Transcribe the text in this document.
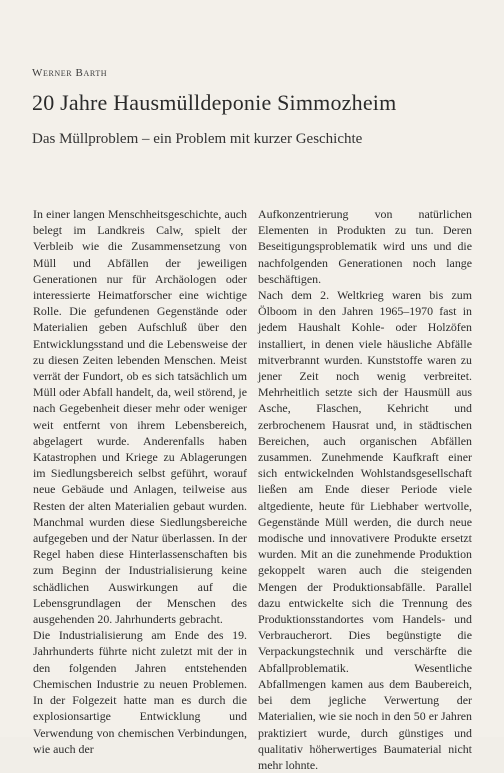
Werner Barth
20 Jahre Hausmülldeponie Simmozheim
Das Müllproblem – ein Problem mit kurzer Geschichte

In einer langen Menschheitsgeschichte, auch belegt im Landkreis Calw, spielt der Verbleib wie die Zusammensetzung von Müll und Abfällen der jeweiligen Generationen nur für Archäologen oder interessierte Heimatforscher eine wichtige Rolle. Die gefundenen Gegenstände oder Materialien geben Aufschluß über den Entwicklungsstand und die Lebensweise der zu diesen Zeiten lebenden Menschen. Meist verrät der Fundort, ob es sich tatsächlich um Müll oder Abfall handelt, da, weil störend, je nach Gegebenheit dieser mehr oder weniger weit entfernt von ihrem Lebensbereich, abgelagert wurde. Anderenfalls haben Katastrophen und Kriege zu Ablagerungen im Siedlungsbereich selbst geführt, worauf neue Gebäude und Anlagen, teilweise aus Resten der alten Materialien gebaut wurden. Manchmal wurden diese Siedlungsbereiche aufgegeben und der Natur überlassen. In der Regel haben diese Hinterlassenschaften bis zum Beginn der Industrialisierung keine schädlichen Auswirkungen auf die Lebensgrundlagen der Menschen des ausgehenden 20. Jahrhunderts gebracht.

Die Industrialisierung am Ende des 19. Jahrhunderts führte nicht zuletzt mit der in den folgenden Jahren entstehenden Chemischen Industrie zu neuen Problemen. In der Folgezeit hatte man es durch die explosionsartige Entwicklung und Verwendung von chemischen Verbindungen, wie auch der

Aufkonzentrierung von natürlichen Elementen in Produkten zu tun. Deren Beseitigungsproblematik wird uns und die nachfolgenden Generationen noch lange beschäftigen.

Nach dem 2. Weltkrieg waren bis zum Ölboom in den Jahren 1965–1970 fast in jedem Haushalt Kohle- oder Holzöfen installiert, in denen viele häusliche Abfälle mitverbrannt wurden. Kunststoffe waren zu jener Zeit noch wenig verbreitet. Mehrheitlich setzte sich der Hausmüll aus Asche, Flaschen, Kehricht und zerbrochenem Hausrat und, in städtischen Bereichen, auch organischen Abfällen zusammen. Zunehmende Kaufkraft einer sich entwickelnden Wohlstandsgesellschaft ließen am Ende dieser Periode viele altgediente, heute für Liebhaber wertvolle, Gegenstände Müll werden, die durch neue modische und innovativere Produkte ersetzt wurden. Mit an die zunehmende Produktion gekoppelt waren auch die steigenden Mengen der Produktionsabfälle. Parallel dazu entwickelte sich die Trennung des Produktionsstandortes vom Handels- und Verbraucherort. Dies begünstigte die Verpackungstechnik und verschärfte die Abfallproblematik. Wesentliche Abfallmengen kamen aus dem Baubereich, bei dem jegliche Verwertung der Materialien, wie sie noch in den 50 er Jahren praktiziert wurde, durch günstiges und qualitativ höherwertiges Baumaterial nicht mehr lohnte.
